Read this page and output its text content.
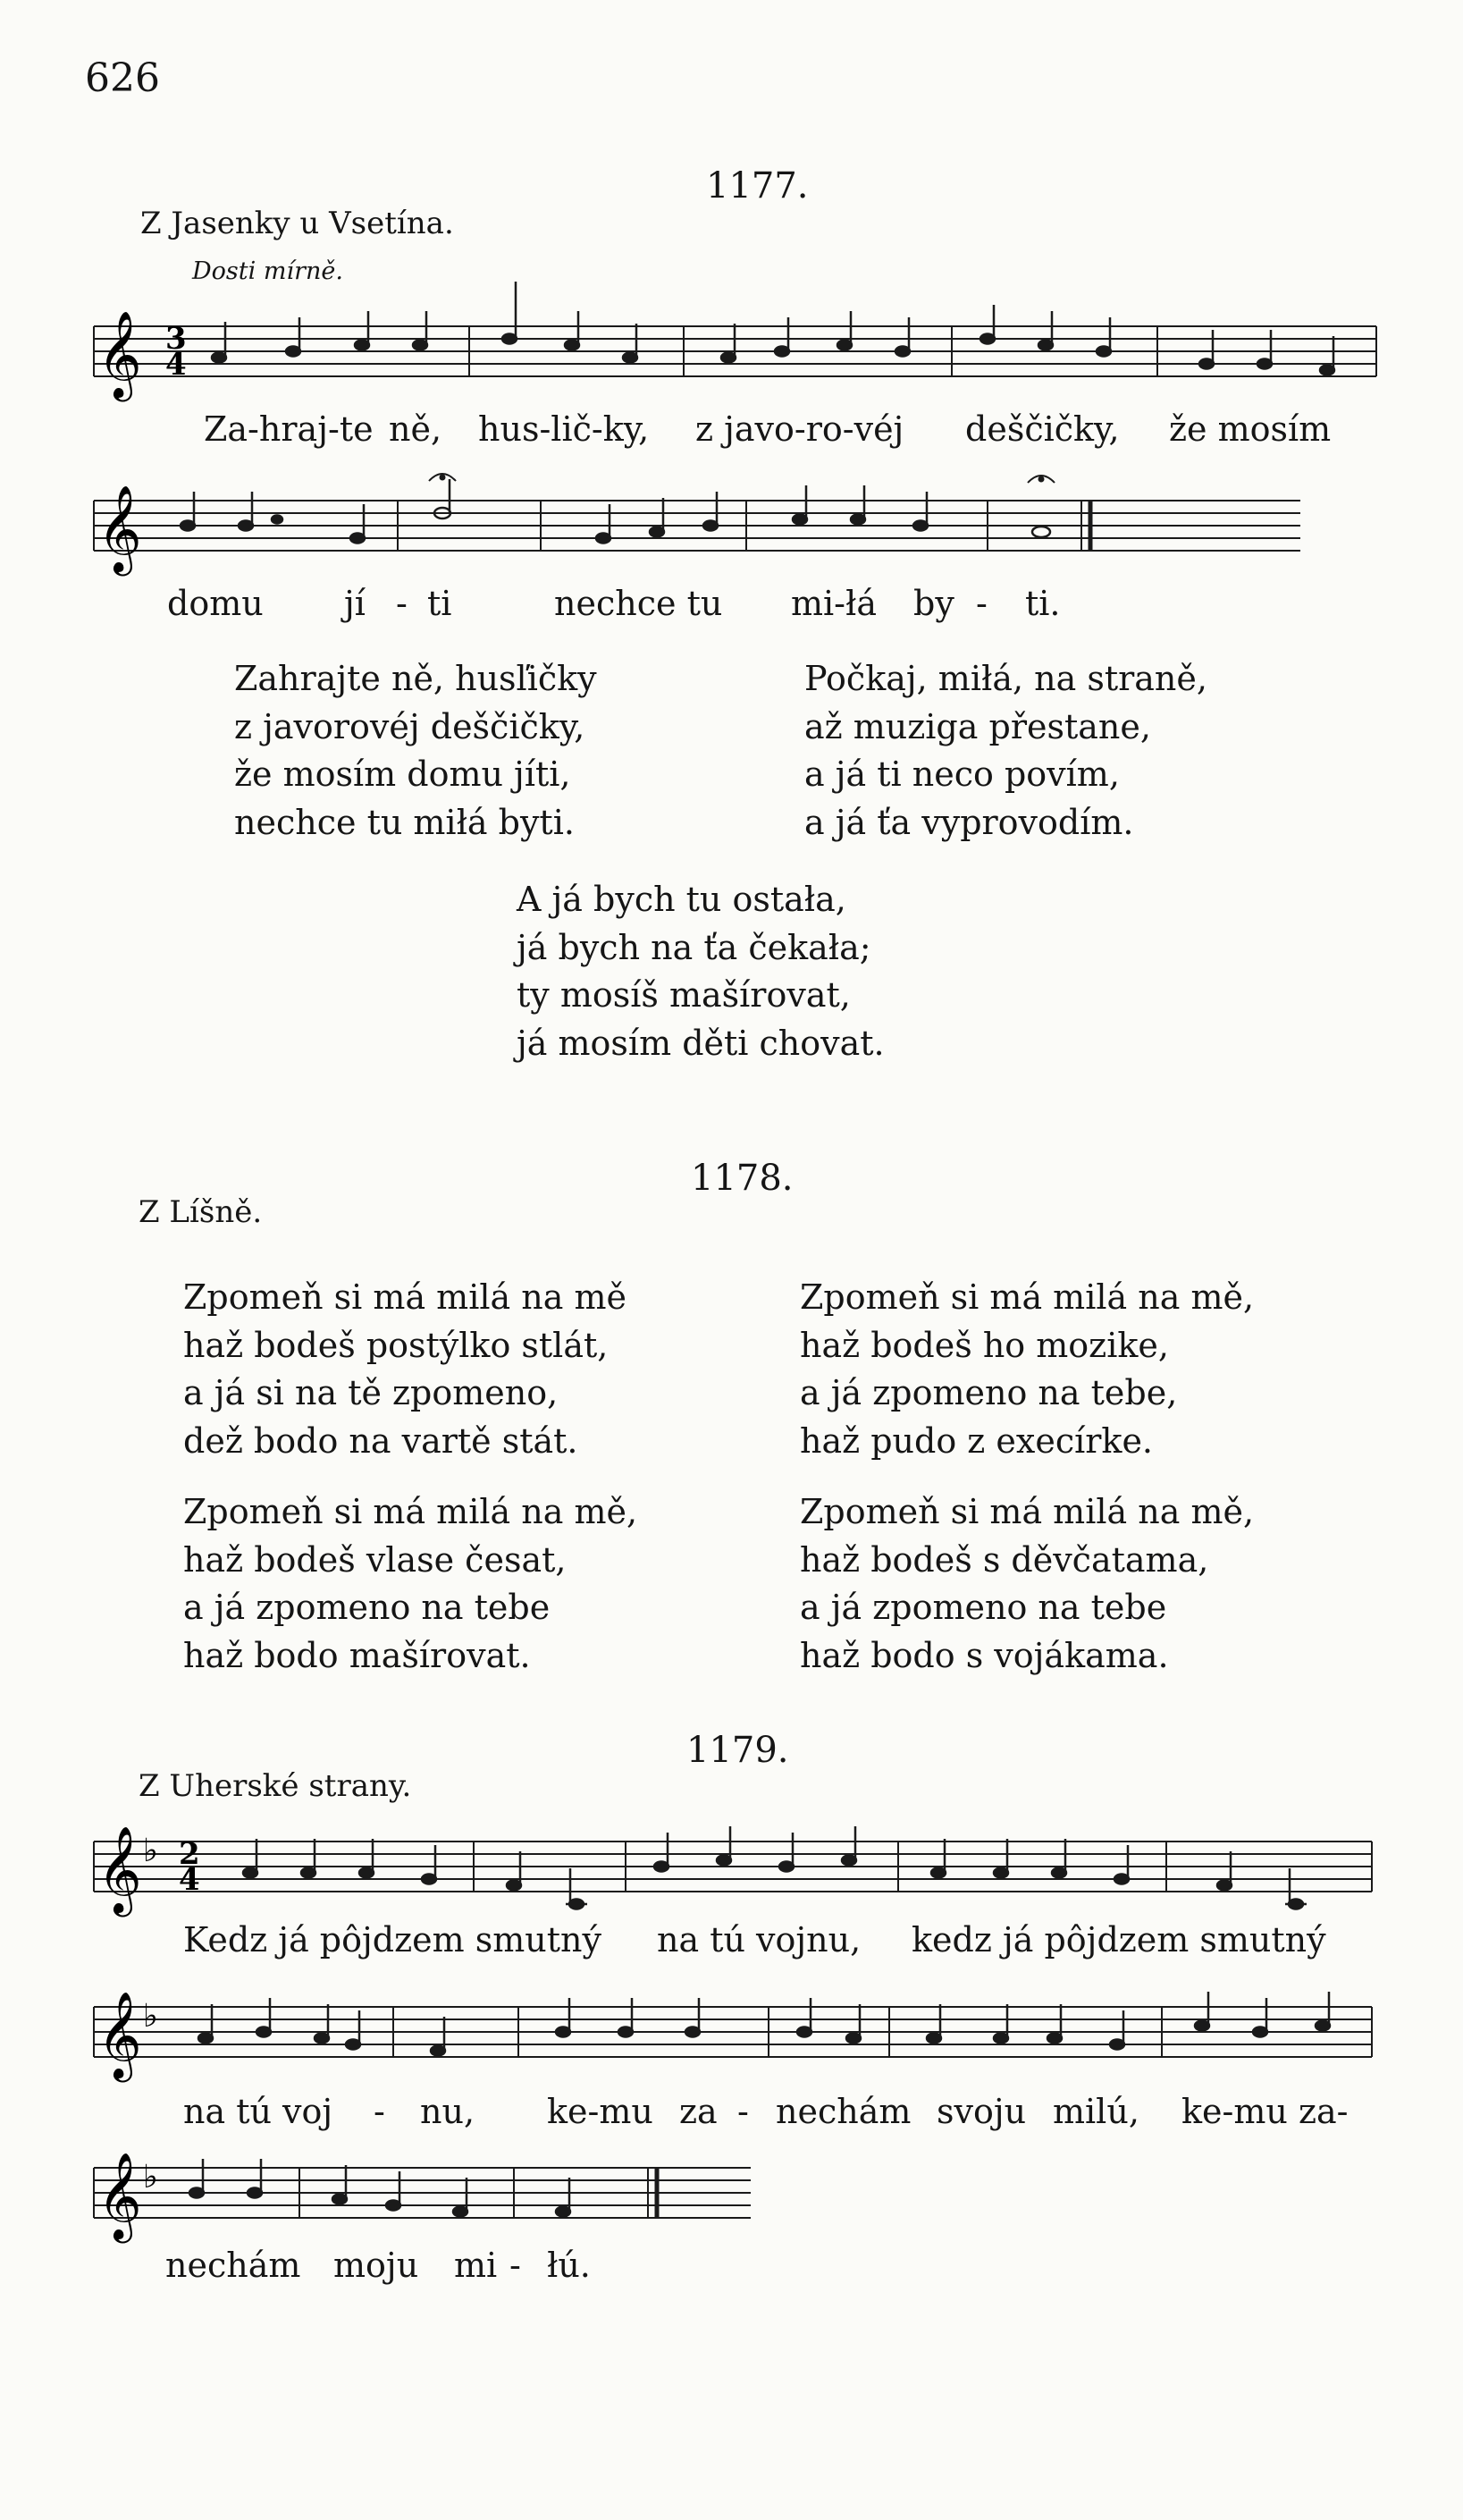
626
1177.
Z Jasenky u Vsetína.
Dosti mírně.
𝄞 3
4
Za-hraj-te ně, hus-lič-ky, z javo-ro-véj deščičky, že mosím
𝄞
domu jí - ti	nechce tu mi-łá by - ti.
Zahrajte ně, husľičky
z javorovéj deščičky,
že mosím domu jíti,
nechce tu miłá byti.
Počkaj, miłá, na straně,
až muziga přestane,
a já ti neco povím,
a já ťa vyprovodím.
A já bych tu ostała,
já bych na ťa čekała;
ty mosíš mašírovat,
já mosím děti chovat.
1178.
Z Líšně.
Zpomeň si má milá na mě
haž bodeš postýlko stlát,
a já si na tě zpomeno,
dež bodo na vartě stát.
Zpomeň si má milá na mě,
haž bodeš ho mozike,
a já zpomeno na tebe,
haž pudo z execírke.
Zpomeň si má milá na mě,
haž bodeš vlase česat,
a já zpomeno na tebe
haž bodo mašírovat.
Zpomeň si má milá na mě,
haž bodeš s děvčatama,
a já zpomeno na tebe
haž bodo s vojákama.
1179.
Z Uherské strany.
𝄞 ♭ 2
4
Kedz já pôjdzem smutný na tú vojnu, kedz já pôjdzem smutný
𝄞 ♭
na tú voj - nu, ke-mu za - nechám svoju milú, ke-mu za-
𝄞 ♭
nechám moju mi - łú.
